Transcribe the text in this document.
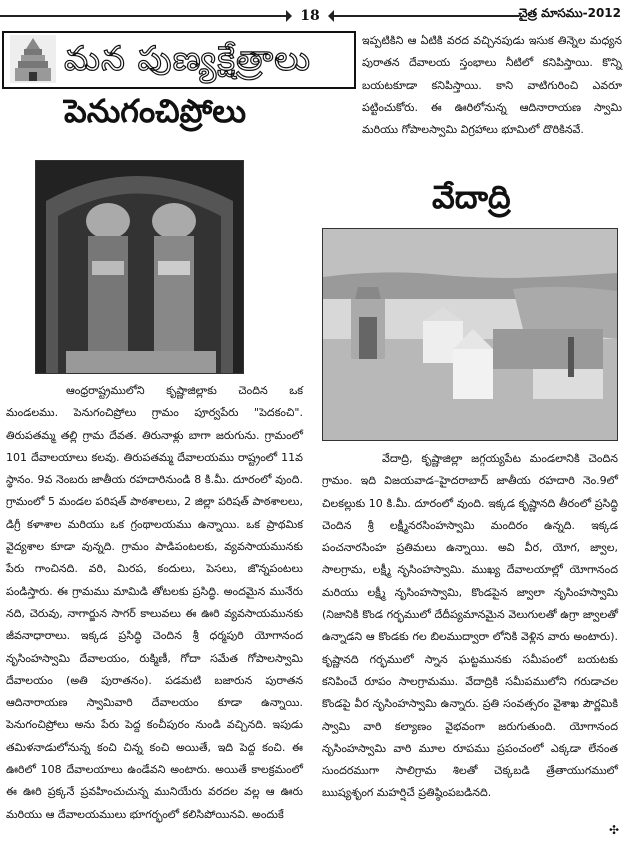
18	చైత్ర మాసము-2012
మన పుణ్యక్షేత్రాలు
పెనుగంచిప్రోలు

ఆంధ్రరాష్ట్రములోని కృష్ణాజిల్లాకు చెందిన ఒక మండలము. పెనుగంచిప్రోలు గ్రామం పూర్వపేరు "పెదకంచి". తిరుపతమ్మ తల్లి గ్రామ దేవత. తిరునాళ్లు బాగా జరుగును. గ్రామంలో 101 దేవాలయాలు కలవు. తిరుపతమ్మ దేవాలయము రాష్ట్రంలో 11వ స్థానం. 9వ నెంబరు జాతీయ రహదారినుండి 8 కి.మీ. దూరంలో వుంది. గ్రామంలో 5 మండల పరిషత్ పాఠశాలలు, 2 జిల్లా పరిషత్ పాఠశాలలు, డిగ్రీ కళాశాల మరియు ఒక గ్రంథాలయము ఉన్నాయి. ఒక ప్రాథమిక వైద్యశాల కూడా వున్నది. గ్రామం పాడిపంటలకు, వ్యవసాయమునకు పేరు గాంచినది. వరి, మిరప, కందులు, పెసలు, జొన్నపంటలు పండిస్తారు. ఈ గ్రామము మామిడి తోటలకు ప్రసిద్ధి. అందమైన మునేరు నది, చెరువు, నాగార్జున సాగర్ కాలువలు ఈ ఊరి వ్యవసాయమునకు జీవనాధారాలు. ఇక్కడ ప్రసిద్ధి చెందిన శ్రీ ధర్మపురి యోగానంద నృసింహస్వామి దేవాలయం, రుక్మిణీ, గోదా సమేత గోపాలస్వామి దేవాలయం (అతి పురాతనం). పడమటి బజారున పురాతన ఆదినారాయణ స్వామివారి దేవాలయం కూడా ఉన్నాయి. పెనుగంచిప్రోలు అను పేరు పెద్ద కంచీపురం నుండి వచ్చినది. ఇపుడు తమిళనాడులోనున్న కంచి చిన్న కంచి అయితే, ఇది పెద్ద కంచి. ఈ ఊరిలో 108 దేవాలయాలు ఉండేవని అంటారు. అయితే కాలక్రమంలో ఈ ఊరి ప్రక్కనే ప్రవహించుచున్న మునియేరు వరదల వల్ల ఆ ఊరు మరియు ఆ దేవాలయములు భూగర్భంలో కలిసిపోయినవి. అందుకే

ఇప్పటికిని ఆ ఏటికి వరద వచ్చినపుడు ఇసుక తిన్నెల మధ్యన పురాతన దేవాలయ స్తంభాలు నీటిలో కనిపిస్తాయి. కొన్ని బయటకూడా కనిపిస్తాయి. కాని వాటిగురించి ఎవరూ పట్టించుకోరు. ఈ ఊరిలోనున్న ఆదినారాయణ స్వామి మరియు గోపాలస్వామి విగ్రహాలు భూమిలో దొరికినవే.

వేదాద్రి

వేదాద్రి, కృష్ణాజిల్లా జగ్గయ్యపేట మండలానికి చెందిన గ్రామం. ఇది విజయవాడ–హైదరాబాద్ జాతీయ రహదారి నెం.9లో చిలకల్లుకు 10 కి.మీ. దూరంలో వుంది. ఇక్కడ కృష్ణానది తీరంలో ప్రసిద్ధి చెందిన శ్రీ లక్ష్మీనరసింహస్వామి మందిరం ఉన్నది. ఇక్కడ పంచనారసింహ ప్రతిమలు ఉన్నాయి. అవి వీర, యోగ, జ్వాల, సాలగ్రామ, లక్ష్మీ నృసింహస్వామి. ముఖ్య దేవాలయాల్లో యోగానంద మరియు లక్ష్మీ నృసింహస్వామి, కొండపైన జ్వాలా నృసింహస్వామి (నిజానికి కొండ గర్భములో దేదీప్యమానమైన వెలుగులతో ఉగ్రా జ్వాలతో ఉన్నాడని ఆ కొండకు గల బిలముద్వారా లోనికి వెళ్లిన వారు అంటారు). కృష్ణానది గర్భములో స్నాన ఘట్టమునకు సమీపంలో బయటకు కనిపించే రూపం సాలగ్రామము. వేదాద్రికి సమీపములోని గరుడాచల కొండపై వీర నృసింహస్వామి ఉన్నారు. ప్రతి సంవత్సరం వైశాఖ పౌర్ణమికి స్వామి వారి కల్యాణం వైభవంగా జరుగుతుంది. యోగానంద నృసింహస్వామి వారి మూల రూపము ప్రపంచంలో ఎక్కడా లేనంత సుందరముగా సాలిగ్రామ శిలతో చెక్కబడి త్రేతాయుగములో ఋష్యశృంగ మహర్షిచే ప్రతిష్ఠింపబడినది.

✣
